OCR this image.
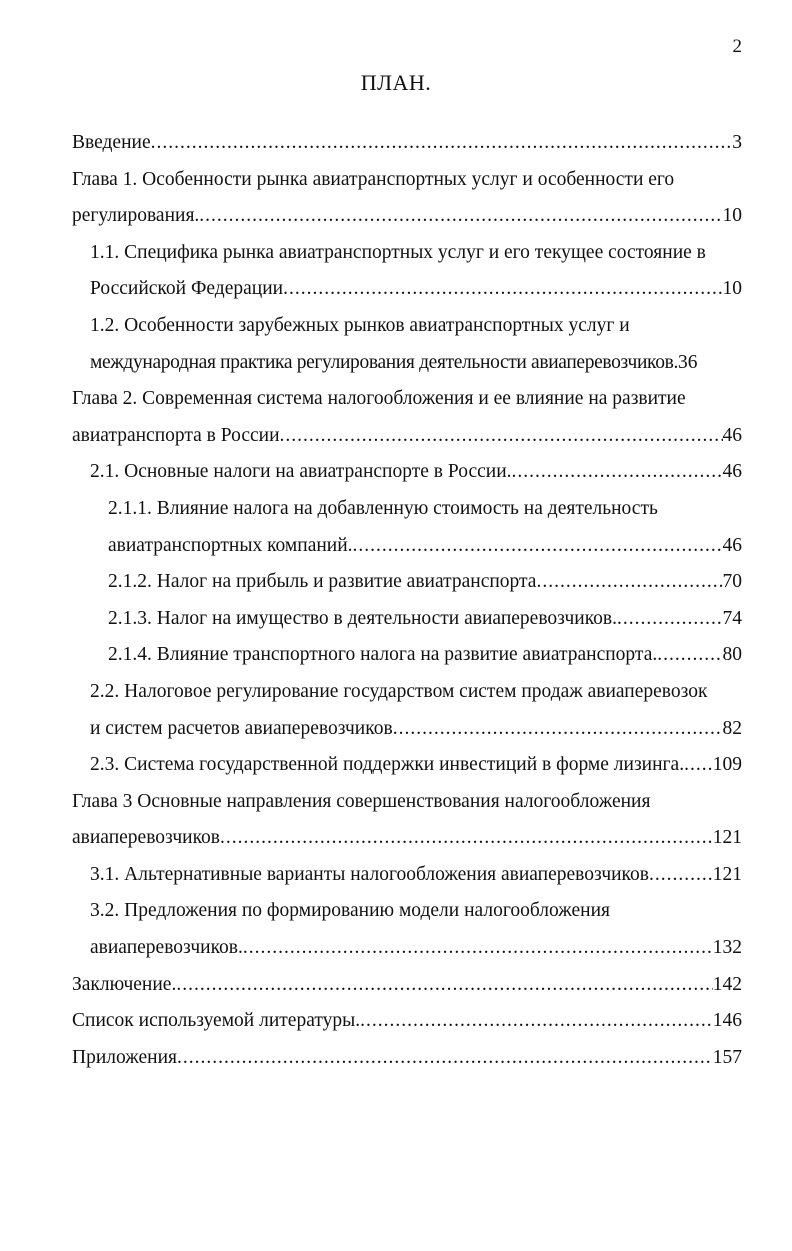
2
ПЛАН.
Введение .....	3
Глава 1. Особенности рынка авиатранспортных услуг и особенности его
регулирования. .....	10
1.1. Специфика рынка авиатранспортных услуг и его текущее состояние в
Российской Федерации .....	10
1.2. Особенности зарубежных рынков авиатранспортных услуг и
международная практика регулирования деятельности авиаперевозчиков. 36
Глава 2. Современная система налогообложения и ее влияние на развитие
авиатранспорта в России .....	46
2.1. Основные налоги на авиатранспорте в России. .....	46
2.1.1. Влияние налога на добавленную стоимость на деятельность
авиатранспортных компаний. .....	46
2.1.2. Налог на прибыль и развитие авиатранспорта .....	70
2.1.3. Налог на имущество в деятельности авиаперевозчиков. .....	74
2.1.4. Влияние транспортного налога на развитие авиатранспорта. .....	80
2.2. Налоговое регулирование государством систем продаж авиаперевозок
и систем расчетов авиаперевозчиков .....	82
2.3. Система государственной поддержки инвестиций в форме лизинга. ..... 109
Глава 3 Основные направления совершенствования налогообложения
авиаперевозчиков .....	121
3.1. Альтернативные варианты налогообложения авиаперевозчиков .....	121
3.2. Предложения по формированию модели налогообложения
авиаперевозчиков. .....	132
Заключение. .....	142
Список используемой литературы. .....	146
Приложения .....	157
